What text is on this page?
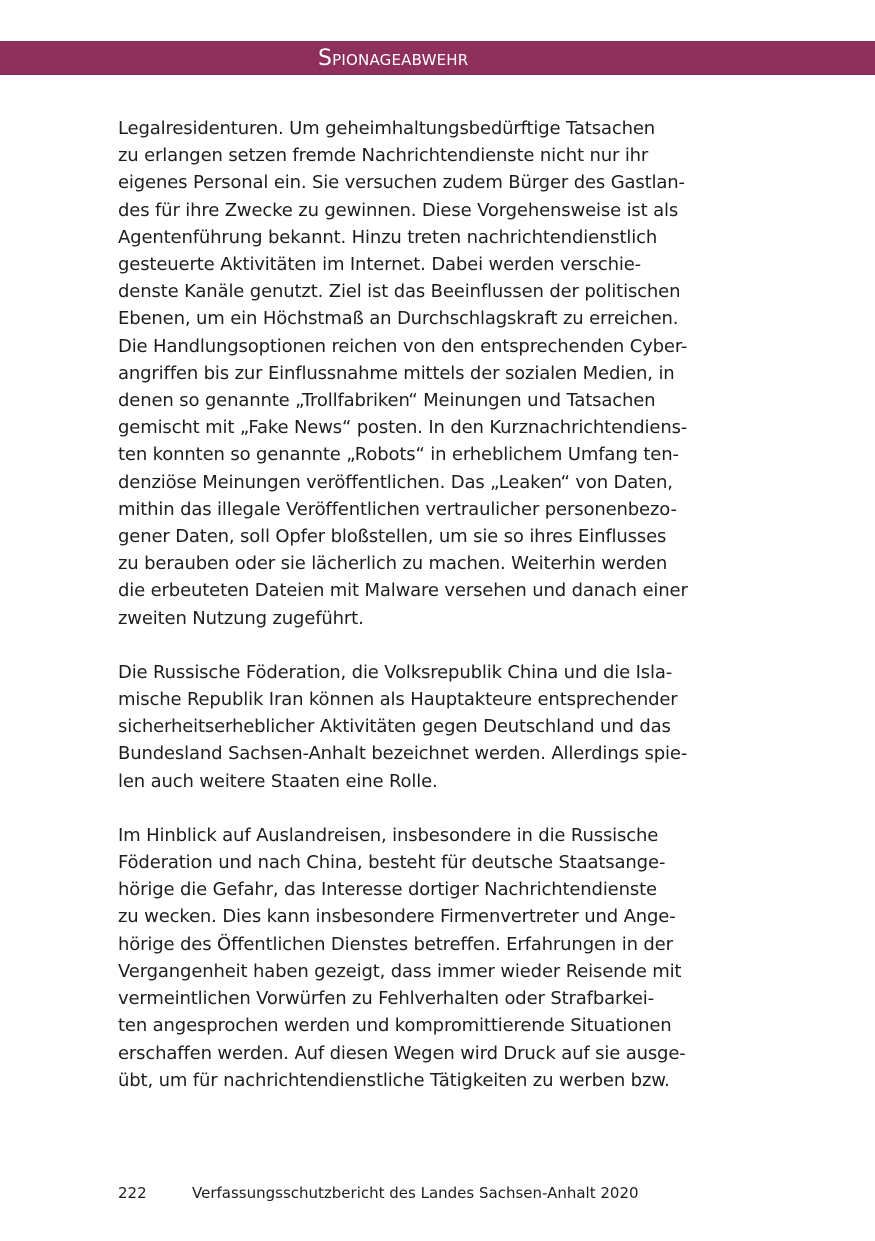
Spionageabwehr

Legalresidenturen. Um geheimhaltungsbedürftige Tatsachen
zu erlangen setzen fremde Nachrichtendienste nicht nur ihr
eigenes Personal ein. Sie versuchen zudem Bürger des Gastlan-
des für ihre Zwecke zu gewinnen. Diese Vorgehensweise ist als
Agentenführung bekannt. Hinzu treten nachrichtendienstlich
gesteuerte Aktivitäten im Internet. Dabei werden verschie-
denste Kanäle genutzt. Ziel ist das Beeinflussen der politischen
Ebenen, um ein Höchstmaß an Durchschlagskraft zu erreichen.
Die Handlungsoptionen reichen von den entsprechenden Cyber-
angriffen bis zur Einflussnahme mittels der sozialen Medien, in
denen so genannte „Trollfabriken“ Meinungen und Tatsachen
gemischt mit „Fake News“ posten. In den Kurznachrichtendiens-
ten konnten so genannte „Robots“ in erheblichem Umfang ten-
denziöse Meinungen veröffentlichen. Das „Leaken“ von Daten,
mithin das illegale Veröffentlichen vertraulicher personenbezo-
gener Daten, soll Opfer bloßstellen, um sie so ihres Einflusses
zu berauben oder sie lächerlich zu machen. Weiterhin werden
die erbeuteten Dateien mit Malware versehen und danach einer
zweiten Nutzung zugeführt.

Die Russische Föderation, die Volksrepublik China und die Isla-
mische Republik Iran können als Hauptakteure entsprechender
sicherheitserheblicher Aktivitäten gegen Deutschland und das
Bundesland Sachsen-Anhalt bezeichnet werden. Allerdings spie-
len auch weitere Staaten eine Rolle.

Im Hinblick auf Auslandreisen, insbesondere in die Russische
Föderation und nach China, besteht für deutsche Staatsange-
hörige die Gefahr, das Interesse dortiger Nachrichtendienste
zu wecken. Dies kann insbesondere Firmenvertreter und Ange-
hörige des Öffentlichen Dienstes betreffen. Erfahrungen in der
Vergangenheit haben gezeigt, dass immer wieder Reisende mit
vermeintlichen Vorwürfen zu Fehlverhalten oder Strafbarkei-
ten angesprochen werden und kompromittierende Situationen
erschaffen werden. Auf diesen Wegen wird Druck auf sie ausge-
übt, um für nachrichtendienstliche Tätigkeiten zu werben bzw.

222	Verfassungsschutzbericht des Landes Sachsen-Anhalt 2020
